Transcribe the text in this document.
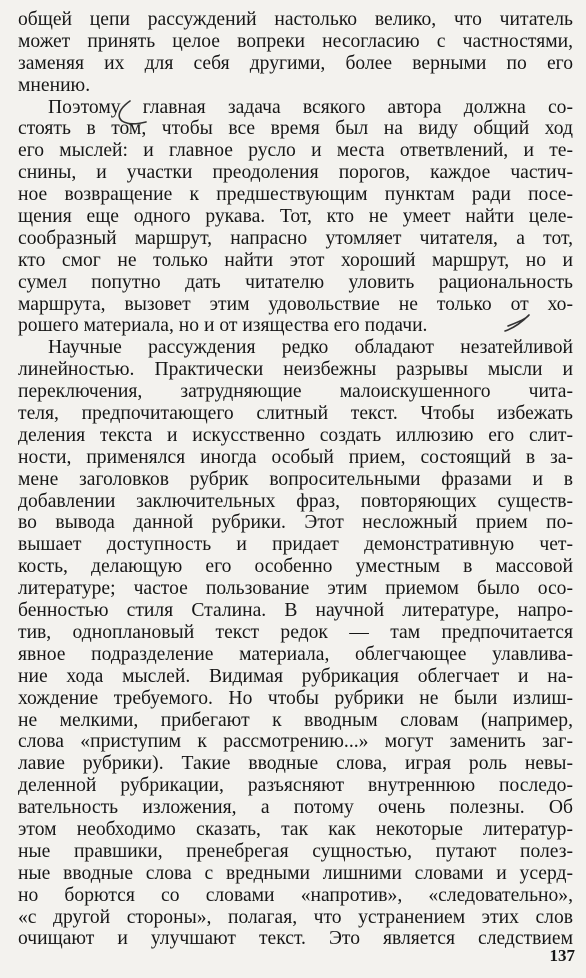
общей цепи рассуждений настолько велико, что читатель
может принять целое вопреки несогласию с частностями,
заменяя их для себя другими, более верными по его
мнению.
Поэтому главная задача всякого автора должна со-
стоять в том, чтобы все время был на виду общий ход
его мыслей: и главное русло и места ответвлений, и те-
снины, и участки преодоления порогов, каждое частич-
ное возвращение к предшествующим пунктам ради посе-
щения еще одного рукава. Тот, кто не умеет найти целе-
сообразный маршрут, напрасно утомляет читателя, а тот,
кто смог не только найти этот хороший маршрут, но и
сумел попутно дать читателю уловить рациональность
маршрута, вызовет этим удовольствие не только от хо-
рошего материала, но и от изящества его подачи.
Научные рассуждения редко обладают незатейливой
линейностью. Практически неизбежны разрывы мысли и
переключения, затрудняющие малоискушенного чита-
теля, предпочитающего слитный текст. Чтобы избежать
деления текста и искусственно создать иллюзию его слит-
ности, применялся иногда особый прием, состоящий в за-
мене заголовков рубрик вопросительными фразами и в
добавлении заключительных фраз, повторяющих существ-
во вывода данной рубрики. Этот несложный прием по-
вышает доступность и придает демонстративную чет-
кость, делающую его особенно уместным в массовой
литературе; частое пользование этим приемом было осо-
бенностью стиля Сталина. В научной литературе, напро-
тив, одноплановый текст редок — там предпочитается
явное подразделение материала, облегчающее улавлива-
ние хода мыслей. Видимая рубрикация облегчает и на-
хождение требуемого. Но чтобы рубрики не были излиш-
не мелкими, прибегают к вводным словам (например,
слова «приступим к рассмотрению...» могут заменить заг-
лавие рубрики). Такие вводные слова, играя роль невы-
деленной рубрикации, разъясняют внутреннюю последо-
вательность изложения, а потому очень полезны. Об
этом необходимо сказать, так как некоторые литератур-
ные правшики, пренебрегая сущностью, путают полез-
ные вводные слова с вредными лишними словами и усерд-
но борются со словами «напротив», «следовательно»,
«с другой стороны», полагая, что устранением этих слов
очищают и улучшают текст. Это является следствием
137
